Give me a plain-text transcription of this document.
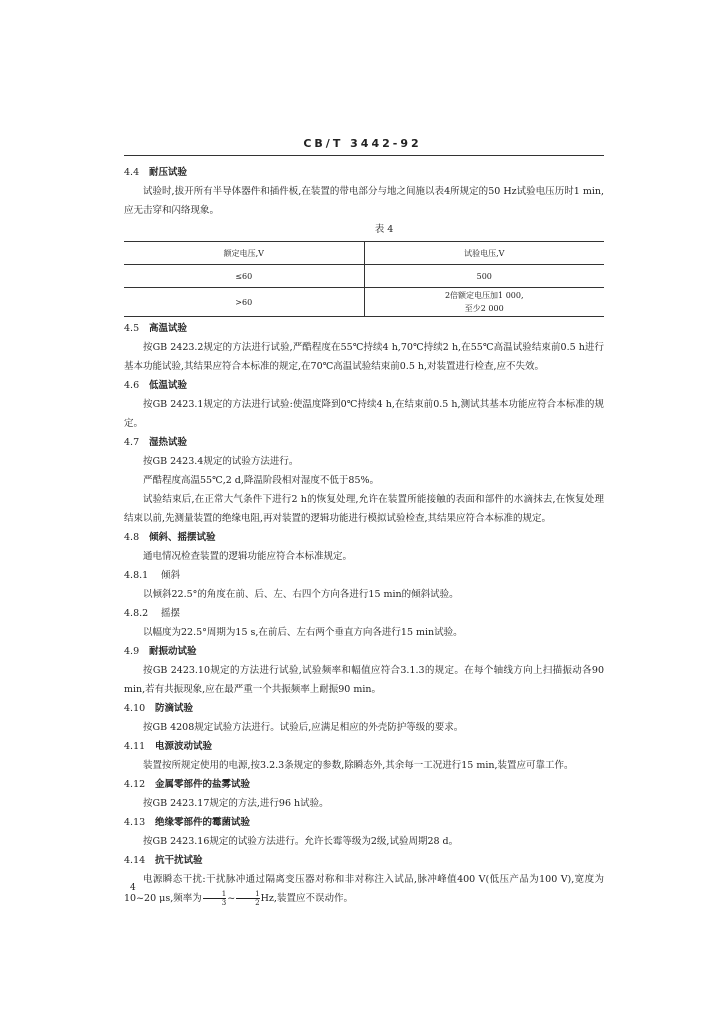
CB/T 3442-92
4.4 耐压试验
试验时,拔开所有半导体器件和插件板,在装置的带电部分与地之间施以表4所规定的50 Hz试验电压历时1 min,应无击穿和闪络现象。
表 4
额定电压,V	试验电压,V
≤60	500
>60	2倍额定电压加1 000,
至少2 000
4.5 高温试验
按GB 2423.2规定的方法进行试验,严酷程度在55℃持续4 h,70℃持续2 h,在55℃高温试验结束前0.5 h进行基本功能试验,其结果应符合本标准的规定,在70℃高温试验结束前0.5 h,对装置进行检查,应不失效。
4.6 低温试验
按GB 2423.1规定的方法进行试验:使温度降到0℃持续4 h,在结束前0.5 h,测试其基本功能应符合本标准的规定。
4.7 湿热试验
按GB 2423.4规定的试验方法进行。
严酷程度高温55℃,2 d,降温阶段相对湿度不低于85%。
试验结束后,在正常大气条件下进行2 h的恢复处理,允许在装置所能接触的表面和部件的水滴抹去,在恢复处理结束以前,先测量装置的绝缘电阻,再对装置的逻辑功能进行模拟试验检查,其结果应符合本标准的规定。
4.8 倾斜、摇摆试验
通电情况检查装置的逻辑功能应符合本标准规定。
4.8.1 倾斜
以倾斜22.5°的角度在前、后、左、右四个方向各进行15 min的倾斜试验。
4.8.2 摇摆
以幅度为22.5°周期为15 s,在前后、左右两个垂直方向各进行15 min试验。
4.9 耐振动试验
按GB 2423.10规定的方法进行试验,试验频率和幅值应符合3.1.3的规定。在每个轴线方向上扫描振动各90 min,若有共振现象,应在最严重一个共振频率上耐振90 min。
4.10 防滴试验
按GB 4208规定试验方法进行。试验后,应满足相应的外壳防护等级的要求。
4.11 电源波动试验
装置按所规定使用的电源,按3.2.3条规定的参数,除瞬态外,其余每一工况进行15 min,装置应可靠工作。
4.12 金属零部件的盐雾试验
按GB 2423.17规定的方法,进行96 h试验。
4.13 绝缘零部件的霉菌试验
按GB 2423.16规定的试验方法进行。允许长霉等级为2级,试验周期28 d。
4.14 抗干扰试验
电源瞬态干扰:干扰脉冲通过隔离变压器对称和非对称注入试品,脉冲峰值400 V(低压产品为100 V),宽度为10~20 μs,频率为 $\frac{1}{3}$ ~ $\frac{1}{2} Hz$,装置应不误动作。
4
